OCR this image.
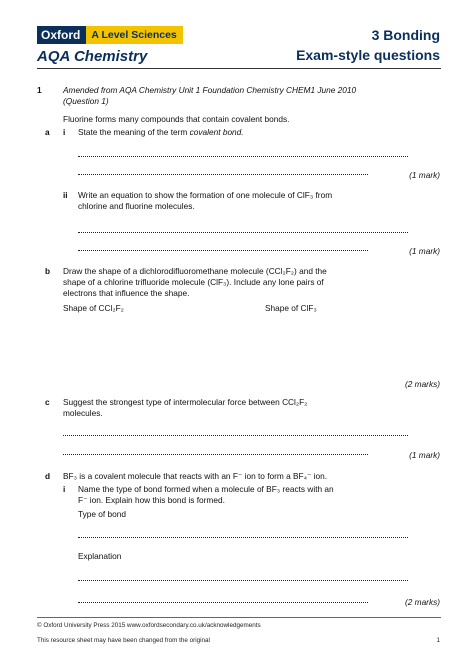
Oxford	A Level Sciences
AQA Chemistry
3 Bonding
Exam-style questions
1	Amended from AQA Chemistry Unit 1 Foundation Chemistry CHEM1 June 2010
(Question 1)
Fluorine forms many compounds that contain covalent bonds.
a i State the meaning of the term covalent bond.
(1 mark)
ii Write an equation to show the formation of one molecule of ClF₃ from
chlorine and fluorine molecules.
(1 mark)
b Draw the shape of a dichlorodifluoromethane molecule (CCl₂F₂) and the
shape of a chlorine trifluoride molecule (ClF₃). Include any lone pairs of
electrons that influence the shape.
Shape of CCl₂F₂	Shape of ClF₃
(2 marks)
c Suggest the strongest type of intermolecular force between CCl₂F₂
molecules.
(1 mark)
d BF₃ is a covalent molecule that reacts with an F⁻ ion to form a BF₄⁻ ion.
i Name the type of bond formed when a molecule of BF₃ reacts with an
F⁻ ion. Explain how this bond is formed.
Type of bond
Explanation
(2 marks)
© Oxford University Press 2015 www.oxfordsecondary.co.uk/acknowledgements
This resource sheet may have been changed from the original	1
